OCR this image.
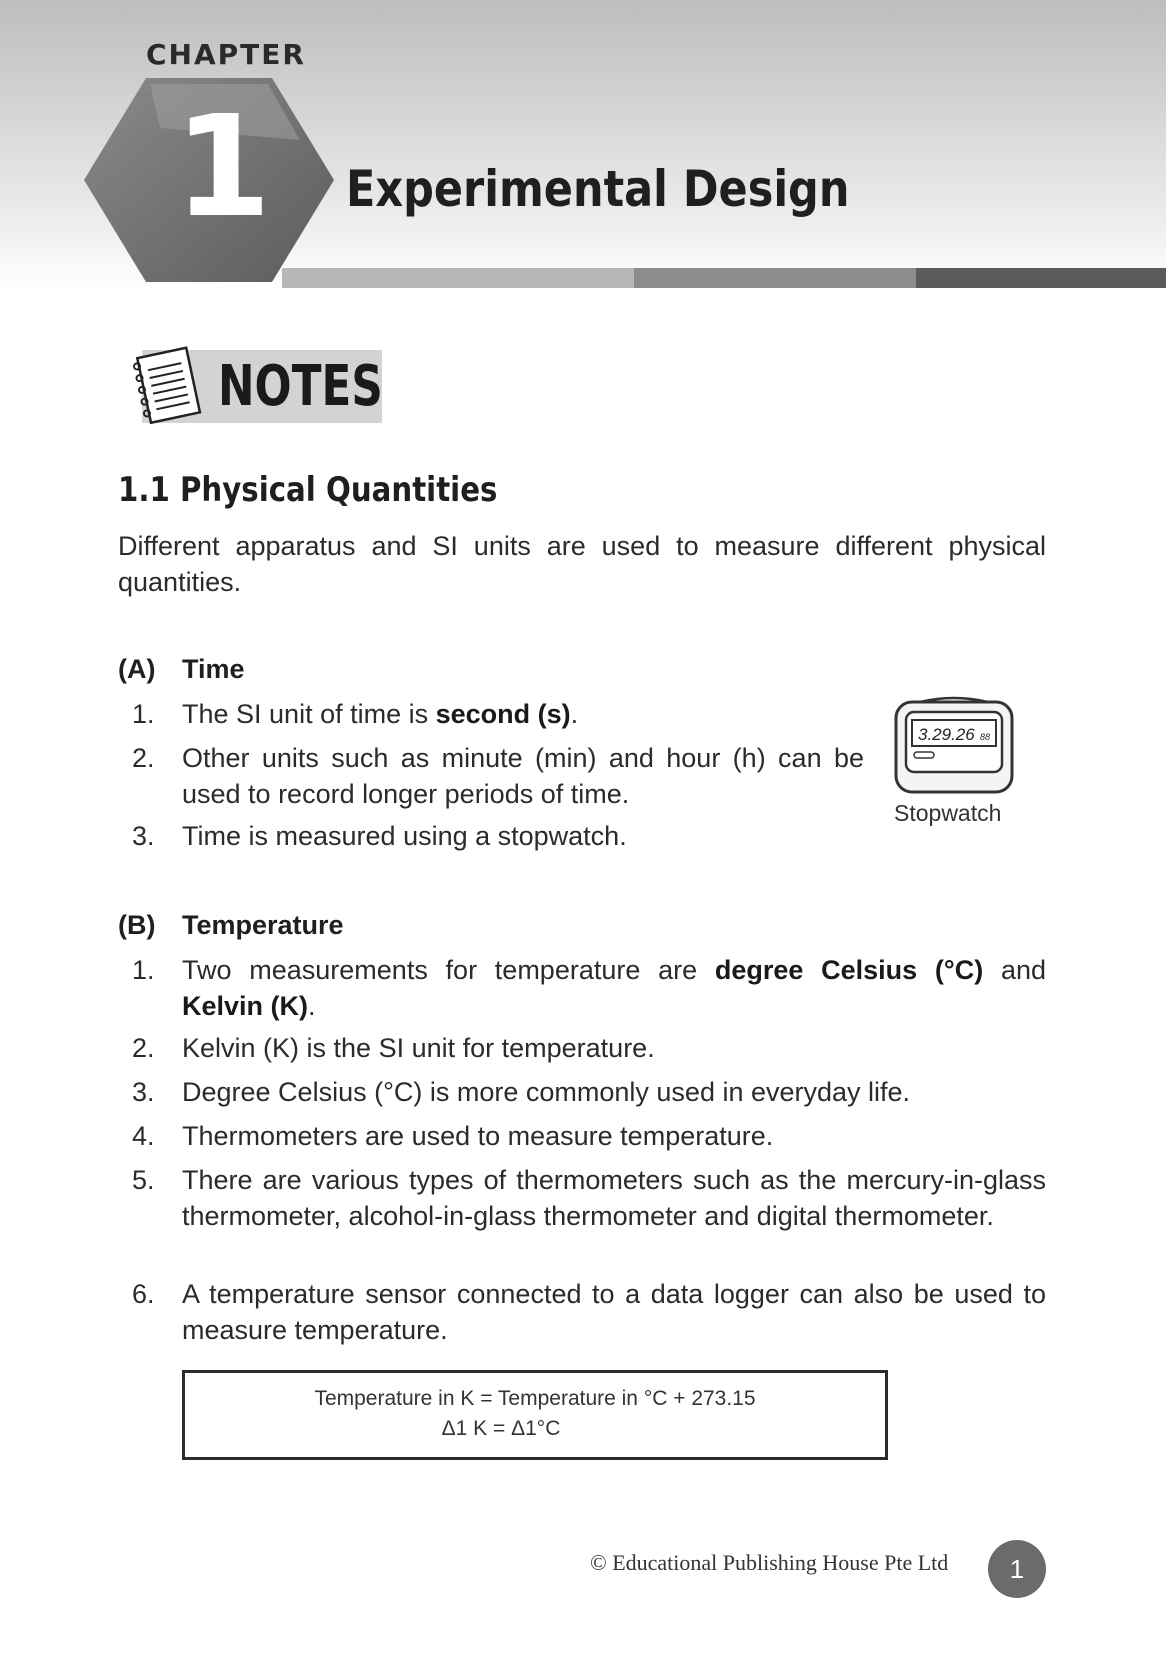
CHAPTER
1 Experimental Design
NOTES
1.1 Physical Quantities
Different apparatus and SI units are used to measure different physical quantities.
(A) Time
1. The SI unit of time is second (s).
2. Other units such as minute (min) and hour (h) can be used to record longer periods of time.
3. Time is measured using a stopwatch.
3.29.26 88
Stopwatch
(B) Temperature
1. Two measurements for temperature are degree Celsius (°C) and Kelvin (K).
2. Kelvin (K) is the SI unit for temperature.
3. Degree Celsius (°C) is more commonly used in everyday life.
4. Thermometers are used to measure temperature.
5. There are various types of thermometers such as the mercury-in-glass thermometer, alcohol-in-glass thermometer and digital thermometer.
6. A temperature sensor connected to a data logger can also be used to measure temperature.
Temperature in K = Temperature in °C + 273.15
Δ1 K = Δ1°C
© Educational Publishing House Pte Ltd	1
